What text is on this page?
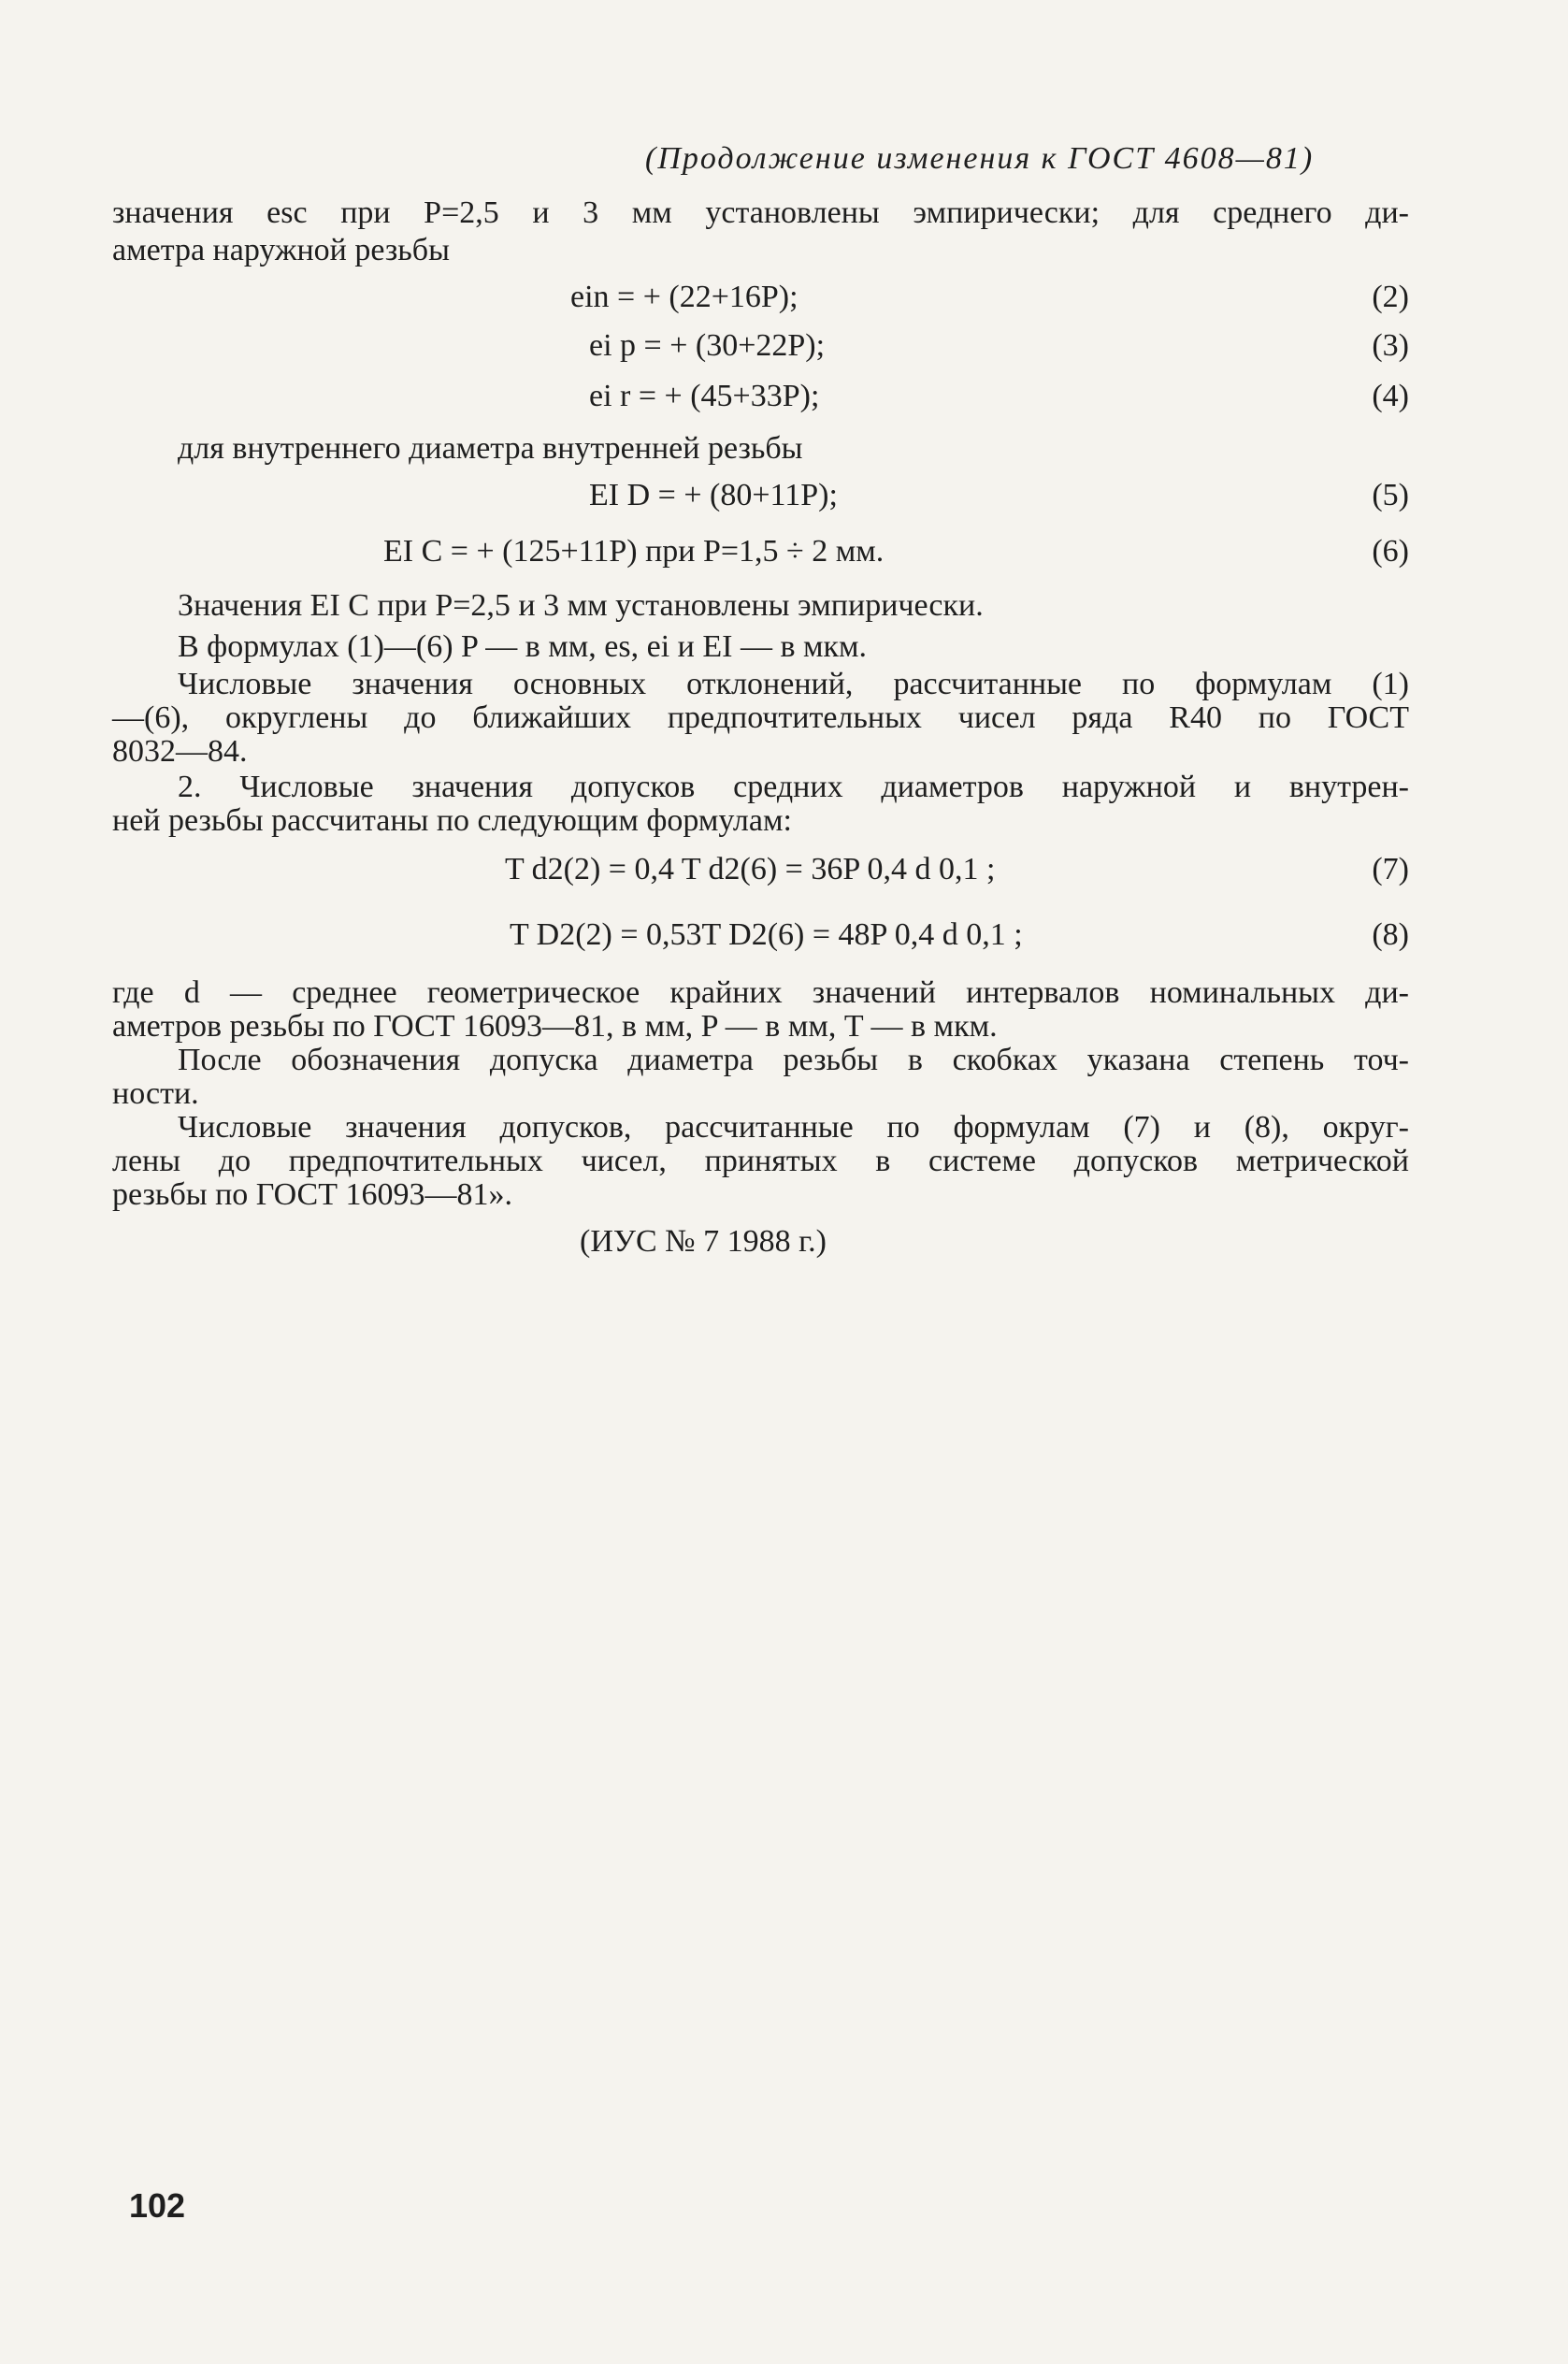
(Продолжение изменения к ГОСТ 4608—81)
значения esc при P=2,5 и 3 мм установлены эмпирически; для среднего ди-
аметра наружной резьбы
ein = + (22+16P);	(2)
ei p = + (30+22P);	(3)
ei r = + (45+33P);	(4)
для внутреннего диаметра внутренней резьбы
EI D = + (80+11P);	(5)
EI C = + (125+11P) при P=1,5 ÷ 2 мм.	(6)
Значения EI C при P=2,5 и 3 мм установлены эмпирически.
В формулах (1)—(6) P — в мм, es, ei и EI — в мкм.
Числовые значения основных отклонений, рассчитанные по формулам (1)
—(6), округлены до ближайших предпочтительных чисел ряда R40 по ГОСТ
8032—84.
2. Числовые значения допусков средних диаметров наружной и внутрен-
ней резьбы рассчитаны по следующим формулам:
T d2(2) = 0,4 T d2(6) = 36P 0,4 d 0,1 ;	(7)
T D2(2) = 0,53T D2(6) = 48P 0,4 d 0,1 ;	(8)
где d — среднее геометрическое крайних значений интервалов номинальных ди-
аметров резьбы по ГОСТ 16093—81, в мм, P — в мм, T — в мкм.
После обозначения допуска диаметра резьбы в скобках указана степень точ-
ности.
Числовые значения допусков, рассчитанные по формулам (7) и (8), округ-
лены до предпочтительных чисел, принятых в системе допусков метрической
резьбы по ГОСТ 16093—81».
(ИУС № 7 1988 г.)
102
